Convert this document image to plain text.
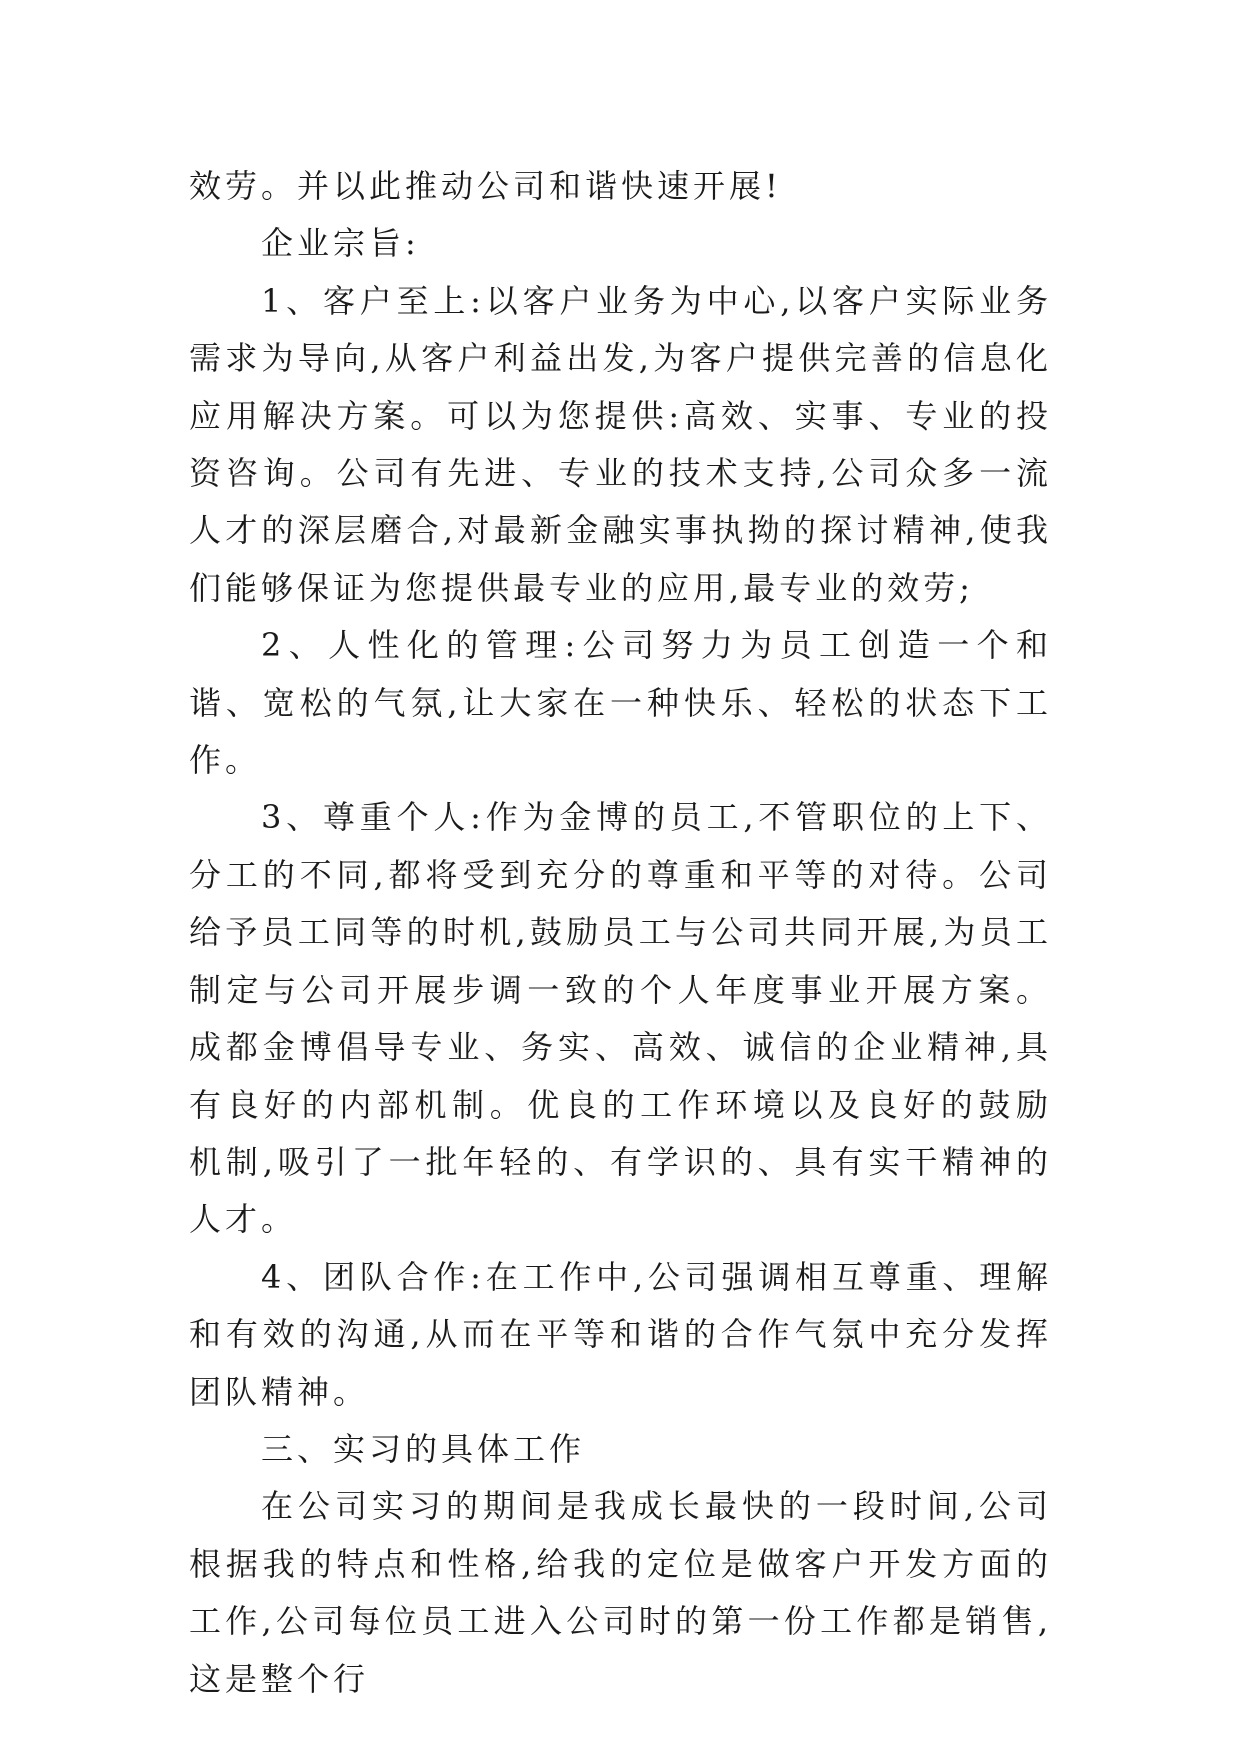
效劳。并以此推动公司和谐快速开展!

企业宗旨:

1、客户至上:以客户业务为中心,以客户实际业务需求为导向,从客户利益出发,为客户提供完善的信息化应用解决方案。可以为您提供:高效、实事、专业的投资咨询。公司有先进、专业的技术支持,公司众多一流人才的深层磨合,对最新金融实事执拗的探讨精神,使我们能够保证为您提供最专业的应用,最专业的效劳;

2、人性化的管理:公司努力为员工创造一个和谐、宽松的气氛,让大家在一种快乐、轻松的状态下工作。

3、尊重个人:作为金博的员工,不管职位的上下、分工的不同,都将受到充分的尊重和平等的对待。公司给予员工同等的时机,鼓励员工与公司共同开展,为员工制定与公司开展步调一致的个人年度事业开展方案。成都金博倡导专业、务实、高效、诚信的企业精神,具有良好的内部机制。优良的工作环境以及良好的鼓励机制,吸引了一批年轻的、有学识的、具有实干精神的人才。

4、团队合作:在工作中,公司强调相互尊重、理解和有效的沟通,从而在平等和谐的合作气氛中充分发挥团队精神。

三、实习的具体工作

在公司实习的期间是我成长最快的一段时间,公司根据我的特点和性格,给我的定位是做客户开发方面的工作,公司每位员工进入公司时的第一份工作都是销售,这是整个行
